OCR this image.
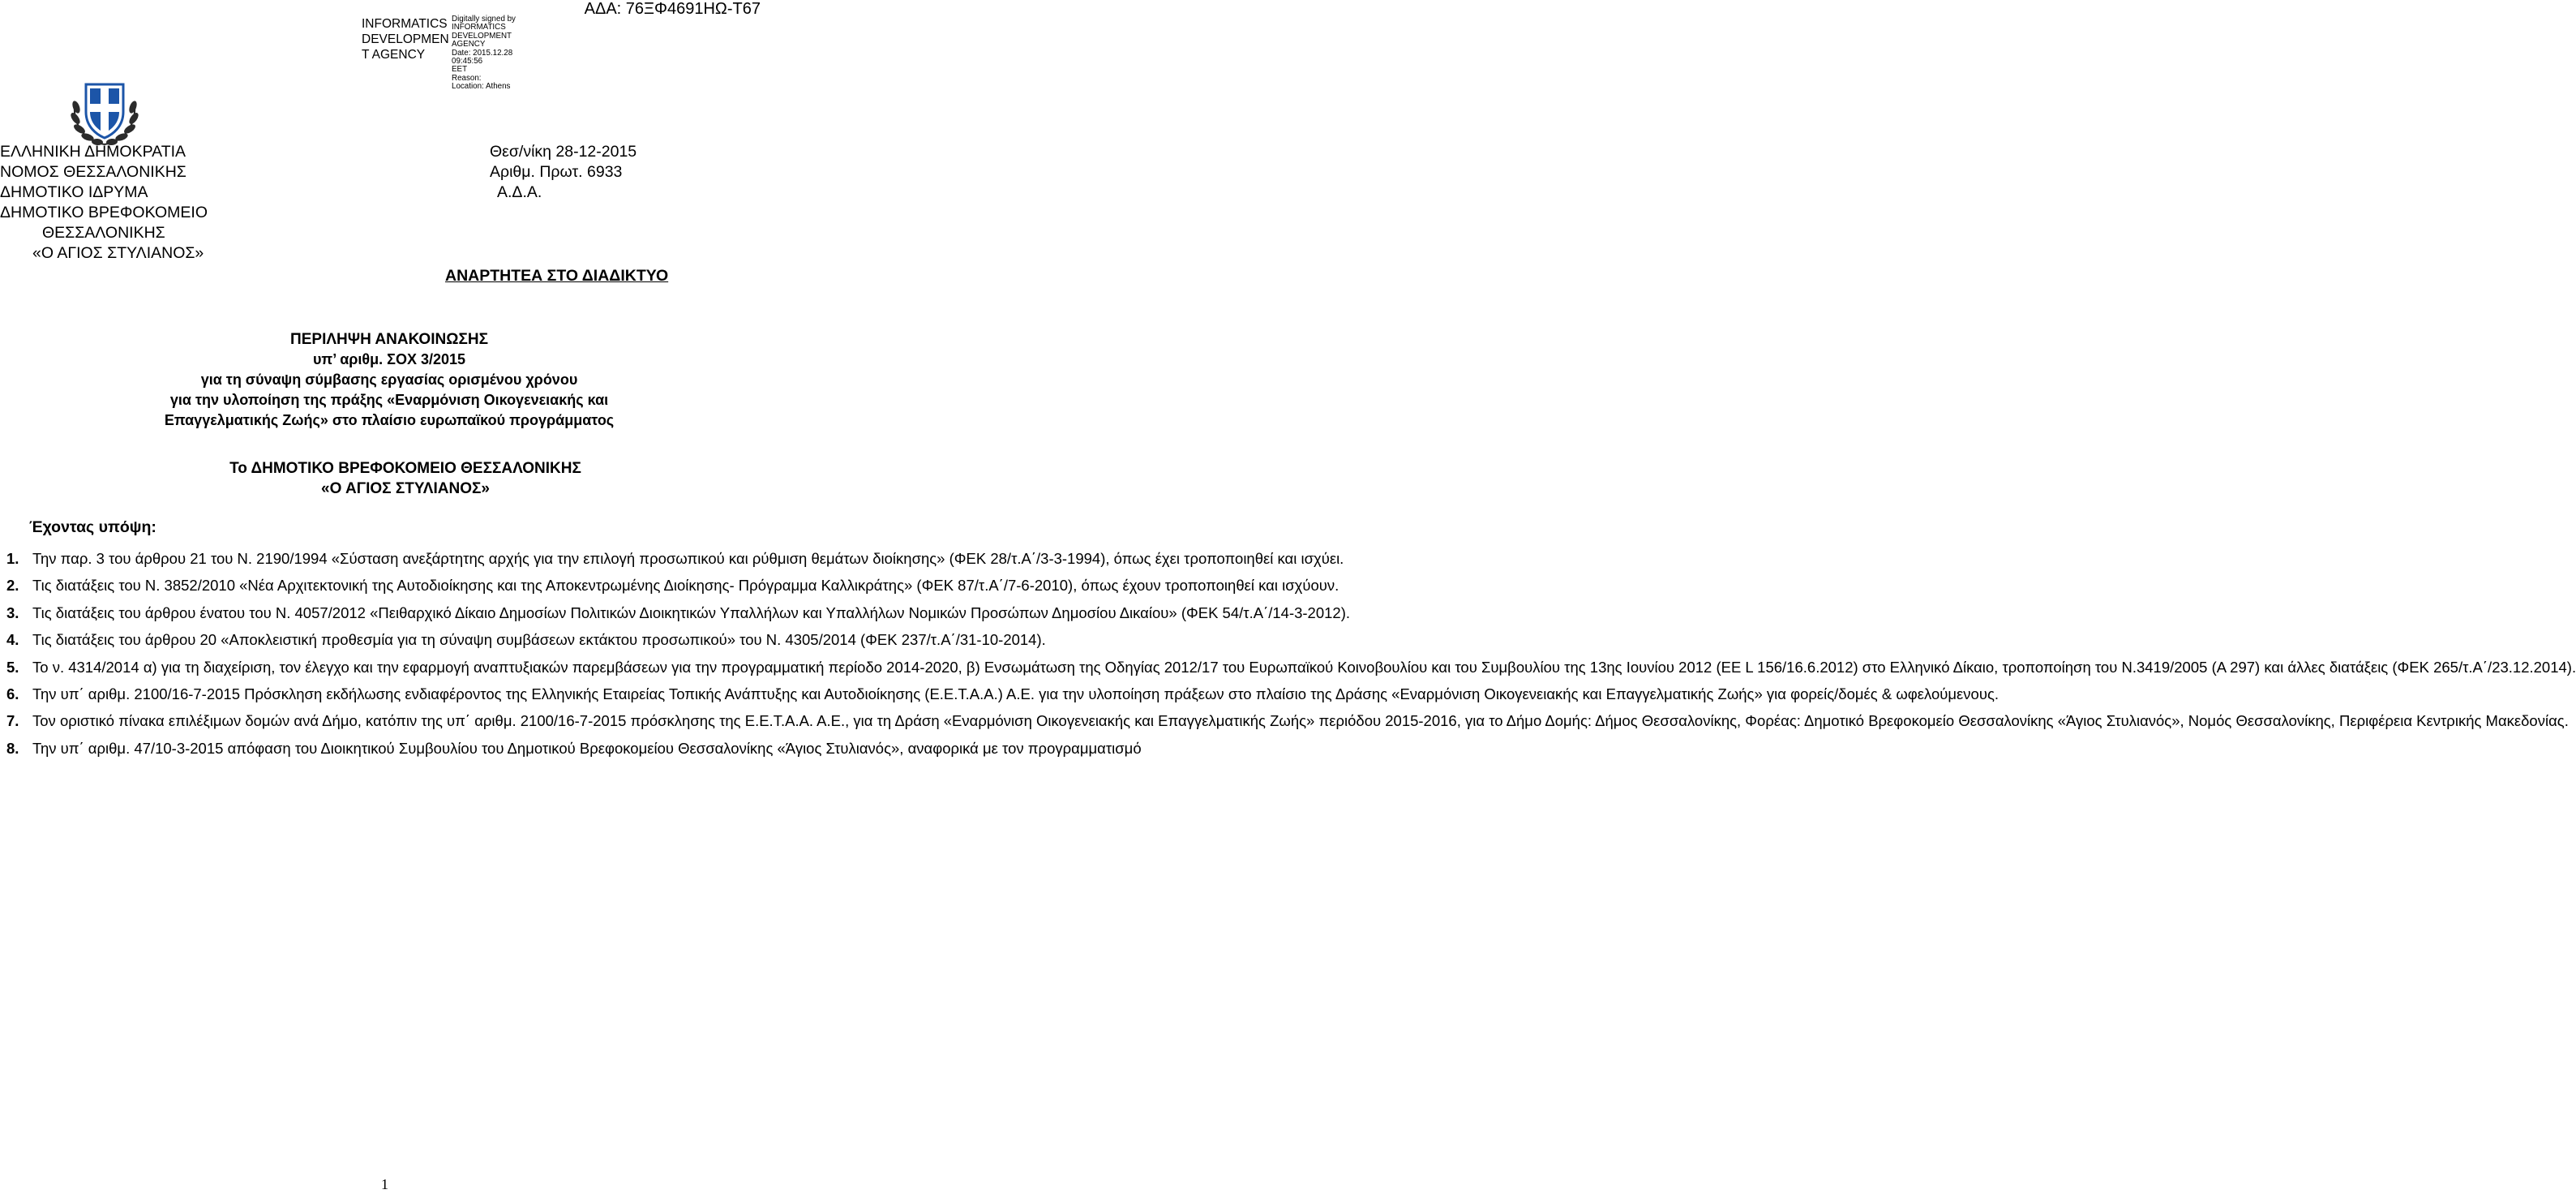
INFORMATICS DEVELOPMEN T AGENCY
Digitally signed by
INFORMATICS DEVELOPMENT AGENCY
Date: 2015.12.28 09:45:56
EET
Reason:
Location: Athens
ΑΔΑ: 76ΞΦ4691ΗΩ-Τ67
ΕΛΛΗΝΙΚΗ ΔΗΜΟΚΡΑΤΙΑ
ΝΟΜΟΣ ΘΕΣΣΑΛΟΝΙΚΗΣ
ΔΗΜΟΤΙΚΟ ΙΔΡΥΜΑ
ΔΗΜΟΤΙΚΟ ΒΡΕΦΟΚΟΜΕΙΟ
ΘΕΣΣΑΛΟΝΙΚΗΣ
«Ο ΑΓΙΟΣ ΣΤΥΛΙΑΝΟΣ»
Θεσ/νίκη 28-12-2015
Αριθμ. Πρωτ. 6933
Α.Δ.Α.
ΑΝΑΡΤΗΤΕΑ ΣΤΟ ΔΙΑΔΙΚΤΥΟ
ΠΕΡΙΛΗΨΗ ΑΝΑΚΟΙΝΩΣΗΣ
υπ’ αριθμ. ΣΟΧ 3/2015
για τη σύναψη σύμβασης εργασίας ορισμένου χρόνου
για την υλοποίηση της πράξης «Εναρμόνιση Οικογενειακής και
Επαγγελματικής Ζωής» στο πλαίσιο ευρωπαϊκού προγράμματος
Το ΔΗΜΟΤΙΚΟ ΒΡΕΦΟΚΟΜΕΙΟ ΘΕΣΣΑΛΟΝΙΚΗΣ
«Ο ΑΓΙΟΣ ΣΤΥΛΙΑΝΟΣ»
Έχοντας υπόψη:
1. Την παρ. 3 του άρθρου 21 του Ν. 2190/1994 «Σύσταση ανεξάρτητης αρχής για την επιλογή προσωπικού και ρύθμιση θεμάτων διοίκησης» (ΦΕΚ 28/τ.Α΄/3-3-1994), όπως έχει τροποποιηθεί και ισχύει.
2. Τις διατάξεις του Ν. 3852/2010 «Νέα Αρχιτεκτονική της Αυτοδιοίκησης και της Αποκεντρωμένης Διοίκησης- Πρόγραμμα Καλλικράτης» (ΦΕΚ 87/τ.Α΄/7-6-2010), όπως έχουν τροποποιηθεί και ισχύουν.
3. Τις διατάξεις του άρθρου ένατου του Ν. 4057/2012 «Πειθαρχικό Δίκαιο Δημοσίων Πολιτικών Διοικητικών Υπαλλήλων και Υπαλλήλων Νομικών Προσώπων Δημοσίου Δικαίου» (ΦΕΚ 54/τ.Α΄/14-3-2012).
4. Τις διατάξεις του άρθρου 20 «Αποκλειστική προθεσμία για τη σύναψη συμβάσεων εκτάκτου προσωπικού» του Ν. 4305/2014 (ΦΕΚ 237/τ.Α΄/31-10-2014).
5. Το ν. 4314/2014 α) για τη διαχείριση, τον έλεγχο και την εφαρμογή αναπτυξιακών παρεμβάσεων για την προγραμματική περίοδο 2014-2020, β) Ενσωμάτωση της Οδηγίας 2012/17 του Ευρωπαϊκού Κοινοβουλίου και του Συμβουλίου της 13ης Ιουνίου 2012 (ΕΕ L 156/16.6.2012) στο Ελληνικό Δίκαιο, τροποποίηση του Ν.3419/2005 (Α 297) και άλλες διατάξεις (ΦΕΚ 265/τ.Α΄/23.12.2014).
6. Την υπ΄ αριθμ. 2100/16-7-2015 Πρόσκληση εκδήλωσης ενδιαφέροντος της Ελληνικής Εταιρείας Τοπικής Ανάπτυξης και Αυτοδιοίκησης (Ε.Ε.Τ.Α.Α.) Α.Ε. για την υλοποίηση πράξεων στο πλαίσιο της Δράσης «Εναρμόνιση Οικογενειακής και Επαγγελματικής Ζωής» για φορείς/δομές & ωφελούμενους.
7. Τον οριστικό πίνακα επιλέξιμων δομών ανά Δήμο, κατόπιν της υπ΄ αριθμ. 2100/16-7-2015 πρόσκλησης της Ε.Ε.Τ.Α.Α. Α.Ε., για τη Δράση «Εναρμόνιση Οικογενειακής και Επαγγελματικής Ζωής» περιόδου 2015-2016, για το Δήμο Δομής: Δήμος Θεσσαλονίκης, Φορέας: Δημοτικό Βρεφοκομείο Θεσσαλονίκης «Άγιος Στυλιανός», Νομός Θεσσαλονίκης, Περιφέρεια Κεντρικής Μακεδονίας.
8. Την υπ΄ αριθμ. 47/10-3-2015 απόφαση του Διοικητικού Συμβουλίου του Δημοτικού Βρεφοκομείου Θεσσαλονίκης «Άγιος Στυλιανός», αναφορικά με τον προγραμματισμό
1
